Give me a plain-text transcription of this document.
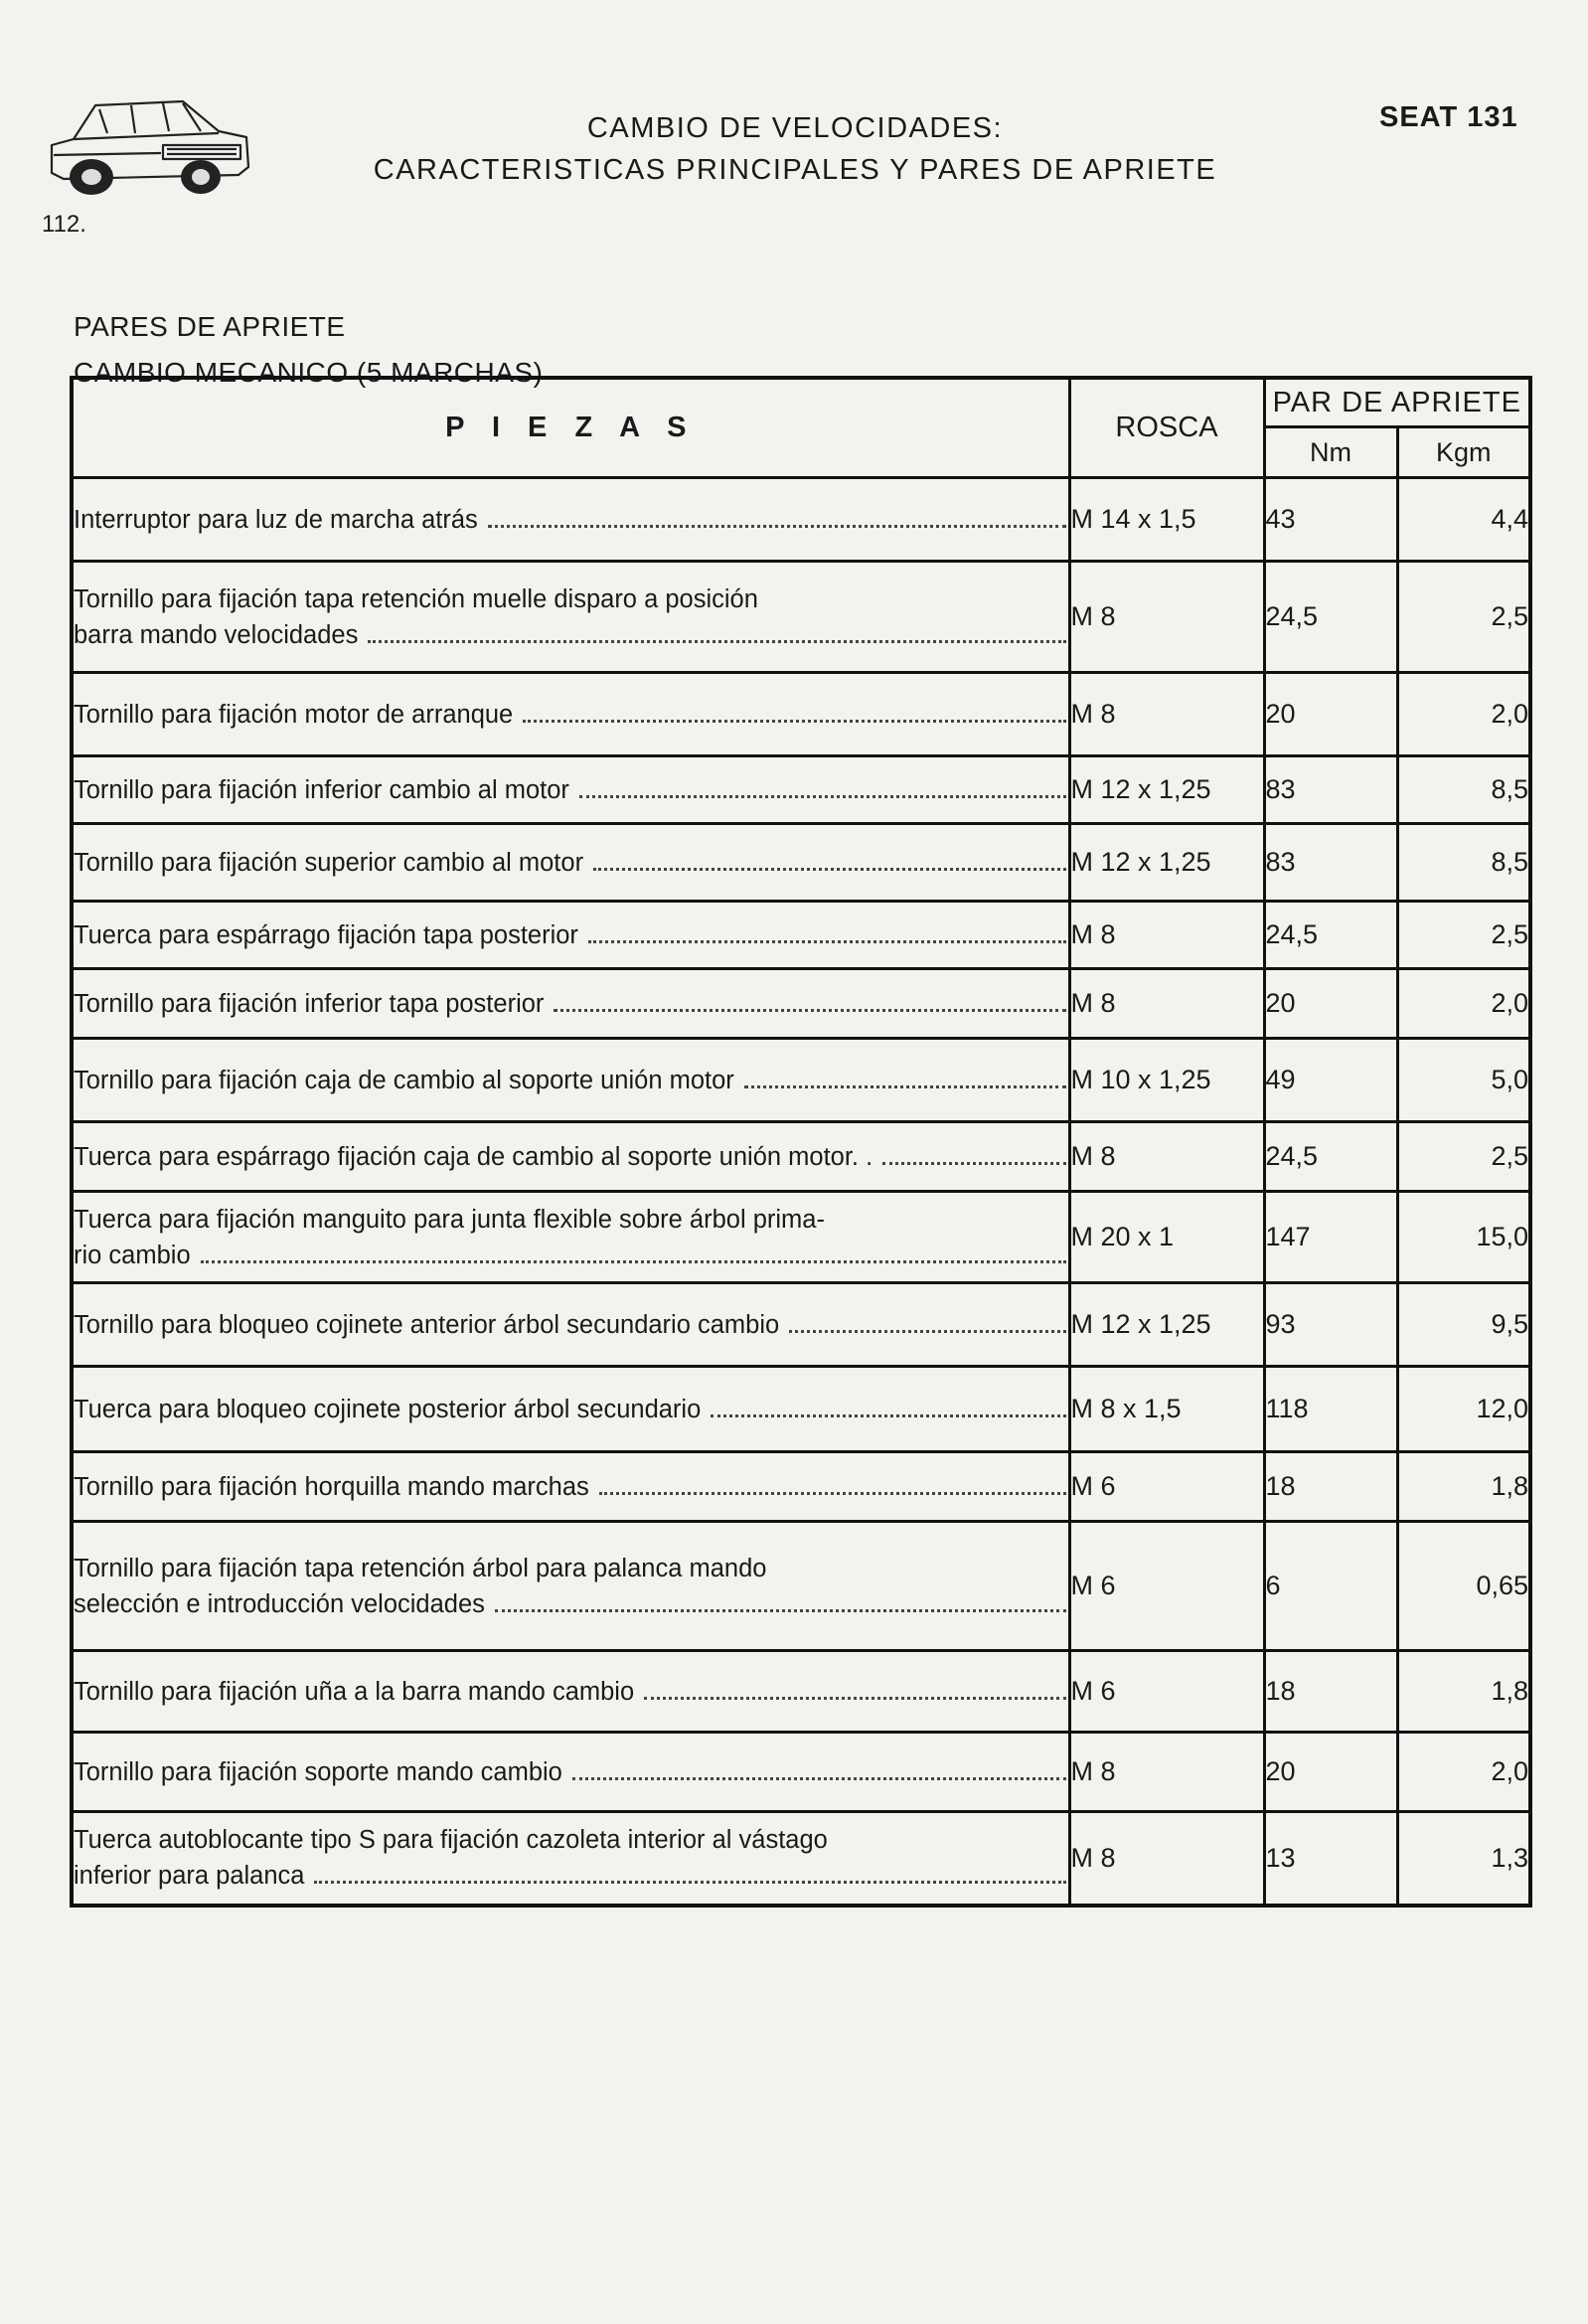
112.
CAMBIO DE VELOCIDADES:
CARACTERISTICAS PRINCIPALES Y PARES DE APRIETE
SEAT 131
PARES DE APRIETE
CAMBIO MECANICO (5 MARCHAS)
P I E Z A S	ROSCA	PAR DE APRIETE	
		Nm	Kgm

Interruptor para luz de marcha atrás	M 14 x 1,5	43	4,4

Tornillo para fijación tapa retención muelle disparo a posición
barra mando velocidades	M 8	24,5	2,5

Tornillo para fijación motor de arranque	M 8	20	2,0

Tornillo para fijación inferior cambio al motor	M 12 x 1,25	83	8,5

Tornillo para fijación superior cambio al motor	M 12 x 1,25	83	8,5

Tuerca para espárrago fijación tapa posterior	M 8	24,5	2,5

Tornillo para fijación inferior tapa posterior	M 8	20	2,0

Tornillo para fijación caja de cambio al soporte unión motor	M 10 x 1,25	49	5,0

Tuerca para espárrago fijación caja de cambio al soporte unión motor. .	M 8	24,5	2,5

Tuerca para fijación manguito para junta flexible sobre árbol prima-
rio cambio	M 20 x 1	147	15,0

Tornillo para bloqueo cojinete anterior árbol secundario cambio	M 12 x 1,25	93	9,5

Tuerca para bloqueo cojinete posterior árbol secundario	M 8 x 1,5	118	12,0

Tornillo para fijación horquilla mando marchas	M 6	18	1,8

Tornillo para fijación tapa retención árbol para palanca mando
selección e introducción velocidades	M 6	6	0,65

Tornillo para fijación uña a la barra mando cambio	M 6	18	1,8

Tornillo para fijación soporte mando cambio	M 8	20	2,0

Tuerca autoblocante tipo S para fijación cazoleta interior al vástago
inferior para palanca	M 8	13	1,3
